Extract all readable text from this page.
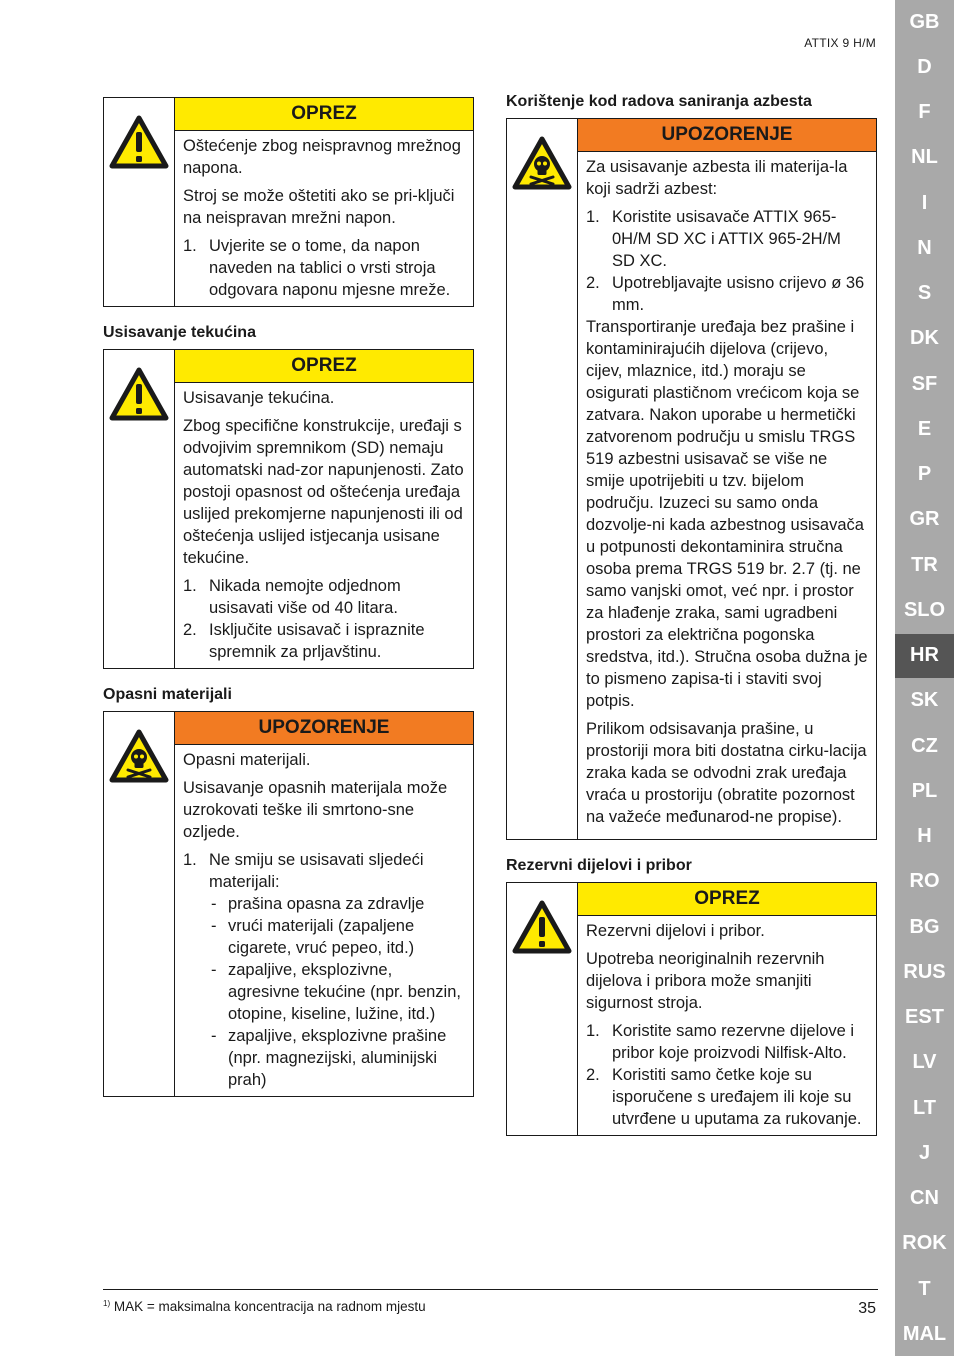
ATTIX 9 H/M
OPREZ

Oštećenje zbog neispravnog mrežnog napona.

Stroj se može oštetiti ako se pri-ključi na neispravan mrežni napon.

1. Uvjerite se o tome, da napon naveden na tablici o vrsti stroja odgovara naponu mjesne mreže.
Usisavanje tekućina
OPREZ

Usisavanje tekućina.

Zbog specifične konstrukcije, uređaji s odvojivim spremnikom (SD) nemaju automatski nad-zor napunjenosti. Zato postoji opasnost od oštećenja uređaja uslijed prekomjerne napunjenosti ili od oštećenja uslijed istjecanja usisane tekućine.

1. Nikada nemojte odjednom usisavati više od 40 litara.
2. Isključite usisavač i ispraznite spremnik za prljavštinu.
Opasni materijali
UPOZORENJE

Opasni materijali.

Usisavanje opasnih materijala može uzrokovati teške ili smrtono-sne ozljede.

1. Ne smiju se usisavati sljedeći materijali:
- prašina opasna za zdravlje
- vrući materijali (zapaljene cigarete, vruć pepeo, itd.)
- zapaljive, eksplozivne, agresivne tekućine (npr. benzin, otopine, kiseline, lužine, itd.)
- zapaljive, eksplozivne prašine (npr. magnezijski, aluminijski prah)
Korištenje kod radova saniranja azbesta
UPOZORENJE

Za usisavanje azbesta ili materija-la koji sadrži azbest:

1. Koristite usisavače ATTIX 965-0H/M SD XC i ATTIX 965-2H/M SD XC.
2. Upotrebljavajte usisno crijevo ø 36 mm.

Transportiranje uređaja bez prašine i kontaminirajućih dijelova (crijevo, cijev, mlaznice, itd.) moraju se osigurati plastičnom vrećicom koja se zatvara. Nakon uporabe u hermetički zatvorenom području u smislu TRGS 519 azbestni usisavač se više ne smije upotrijebiti u tzv. bijelom području. Izuzeci su samo onda dozvolje-ni kada azbestnog usisavača u potpunosti dekontaminira stručna osoba prema TRGS 519 br. 2.7 (tj. ne samo vanjski omot, već npr. i prostor za hlađenje zraka, sami ugradbeni prostori za električna pogonska sredstva, itd.). Stručna osoba dužna je to pismeno zapisa-ti i staviti svoj potpis.

Prilikom odsisavanja prašine, u prostoriji mora biti dostatna cirku-lacija zraka kada se odvodni zrak uređaja vraća u prostoriju (obratite pozornost na važeće međunarod-ne propise).

Rezervni dijelovi i pribor
OPREZ

Rezervni dijelovi i pribor.

Upotreba neoriginalnih rezervnih dijelova i pribora može smanjiti sigurnost stroja.

1. Koristite samo rezervne dijelove i pribor koje proizvodi Nilfisk-Alto.
2. Koristiti samo četke koje su isporučene s uređajem ili koje su utvrđene u uputama za rukovanje.
GB
D
F
NL
I
N
S
DK
SF
E
P
GR
TR
SLO
HR
SK
CZ
PL
H
RO
BG
RUS
EST
LV
LT
J
CN
ROK
T
MAL
$^{1)}$ MAK = maksimalna koncentracija na radnom mjestu	35
